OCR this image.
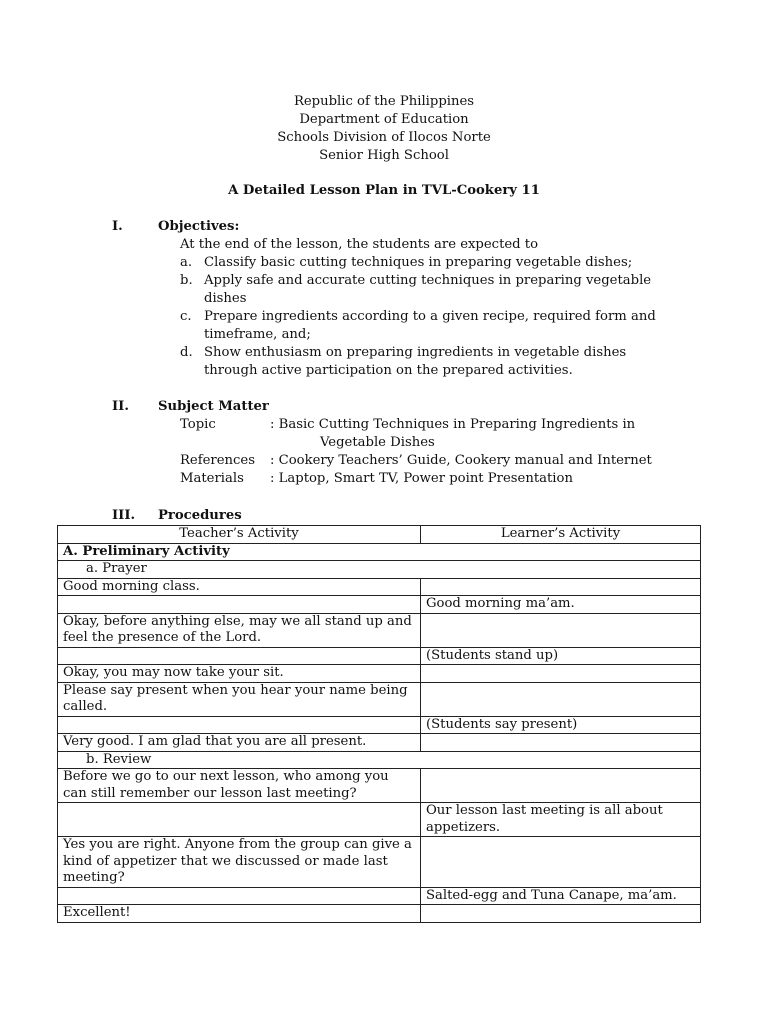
Republic of the Philippines
Department of Education
Schools Division of Ilocos Norte
Senior High School
A Detailed Lesson Plan in TVL-Cookery 11
I.	Objectives:
At the end of the lesson, the students are expected to
a. Classify basic cutting techniques in preparing vegetable dishes;
b. Apply safe and accurate cutting techniques in preparing vegetable
dishes
c. Prepare ingredients according to a given recipe, required form and
timeframe, and;
d. Show enthusiasm on preparing ingredients in vegetable dishes
through active participation on the prepared activities.
II. Subject Matter
Topic	: Basic Cutting Techniques in Preparing Ingredients in
Vegetable Dishes
References : Cookery Teachers’ Guide, Cookery manual and Internet
Materials : Laptop, Smart TV, Power point Presentation
III. Procedures
Teacher’s Activity	Learner’s Activity
A. Preliminary Activity	
a. Prayer	
Good morning class.	
	Good morning ma’am.
Okay, before anything else, may we all stand up and feel the presence of the Lord.	
	(Students stand up)
Okay, you may now take your sit.	
Please say present when you hear your name being called.	
	(Students say present)
Very good. I am glad that you are all present.	
b. Review	
Before we go to our next lesson, who among you can still remember our lesson last meeting?	
	Our lesson last meeting is all about appetizers.
Yes you are right. Anyone from the group can give a kind of appetizer that we discussed or made last meeting?	
	Salted-egg and Tuna Canape, ma’am.
Excellent!	
